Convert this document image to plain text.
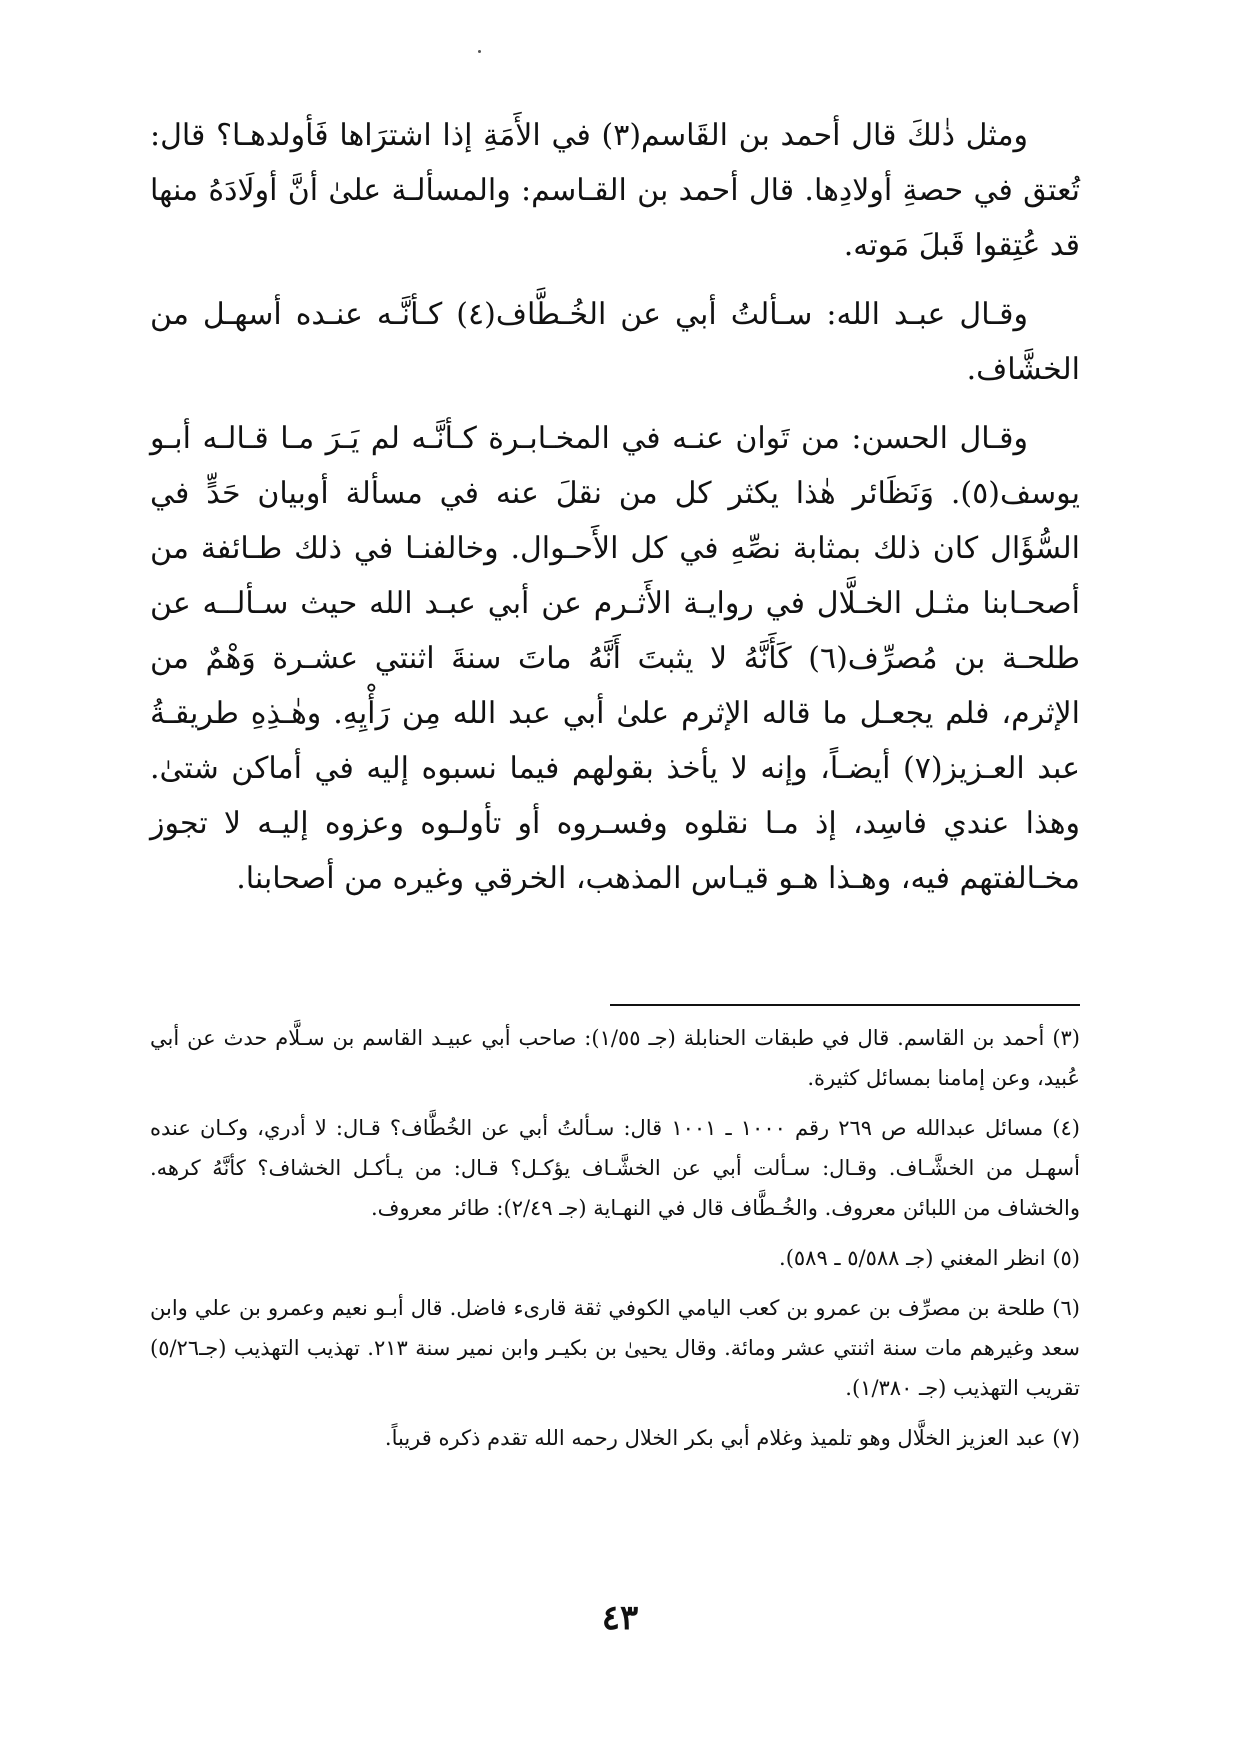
ومثل ذٰلكَ قال أحمد بن القَاسم(٣) في الأَمَةِ إذا اشترَاها فَأولدهـا؟ قال: تُعتق في حصةِ أولادِها. قال أحمد بن القـاسم: والمسألـة علىٰ أنَّ أولَادَهُ منها قد عُتِقوا قَبلَ مَوته.

وقـال عبـد الله: سـألتُ أبي عن الخُـطَّاف(٤) كـأنَّـه عنـده أسهـل من الخشَّاف.

وقـال الحسن: من تَوان عنـه في المخـابـرة كـأنَّـه لم يَـرَ مـا قـالـه أبـو يوسف(٥). وَنَظَائر هٰذا يكثر كل من نقلَ عنه في مسألة أوبيان حَدٍّ في السُّؤَال كان ذلك بمثابة نصِّهِ في كل الأَحـوال. وخالفنـا في ذلك طـائفة من أصحـابنا مثـل الخـلَّال في روايـة الأَثـرم عن أبي عبـد الله حيث سـألــه عن طلحـة بن مُصرِّف(٦) كَأَنَّهُ لا يثبتَ أَنَّهُ ماتَ سنةَ اثنتي عشـرة وَهْمٌ من الإثرم، فلم يجعـل ما قاله الإثرم علىٰ أبي عبد الله مِن رَأْيِهِ. وهٰـذِهِ طريقـةُ عبد العـزيز(٧) أيضـاً، وإنه لا يأخذ بقولهم فيما نسبوه إليه في أماكن شتىٰ. وهذا عندي فاسِد، إذ مـا نقلوه وفسـروه أو تأولـوه وعزوه إليـه لا تجوز مخـالفتهم فيه، وهـذا هـو قيـاس المذهب، الخرقي وغيره من أصحابنا.

(٣) أحمد بن القاسم. قال في طبقات الحنابلة (جـ ١/٥٥): صاحب أبي عبيـد القاسم بن سـلَّام حدث عن أبي عُبيد، وعن إمامنا بمسائل كثيرة.

(٤) مسائل عبدالله ص ٢٦٩ رقم ١٠٠٠ ـ ١٠٠١ قال: سـألتُ أبي عن الخُطَّاف؟ قـال: لا أدري، وكـان عنده أسهـل من الخشَّـاف. وقـال: سـألت أبي عن الخشَّـاف يؤكـل؟ قـال: من يـأكـل الخشاف؟ كأنَّهُ كرهه. والخشاف من اللبائن معروف. والخُـطَّاف قال في النهـاية (جـ ٢/٤٩): طائر معروف.

(٥) انظر المغني (جـ ٥/٥٨٨ ـ ٥٨٩).

(٦) طلحة بن مصرِّف بن عمرو بن كعب اليامي الكوفي ثقة قارىء فاضل. قال أبـو نعيم وعمرو بن علي وابن سعد وغيرهم مات سنة اثنتي عشر ومائة. وقال يحيىٰ بن بكيـر وابن نمير سنة ٢١٣. تهذيب التهذيب (جـ٥/٢٦) تقريب التهذيب (جـ ١/٣٨٠).

(٧) عبد العزيز الخلَّال وهو تلميذ وغلام أبي بكر الخلال رحمه الله تقدم ذكره قريباً.

٤٣
